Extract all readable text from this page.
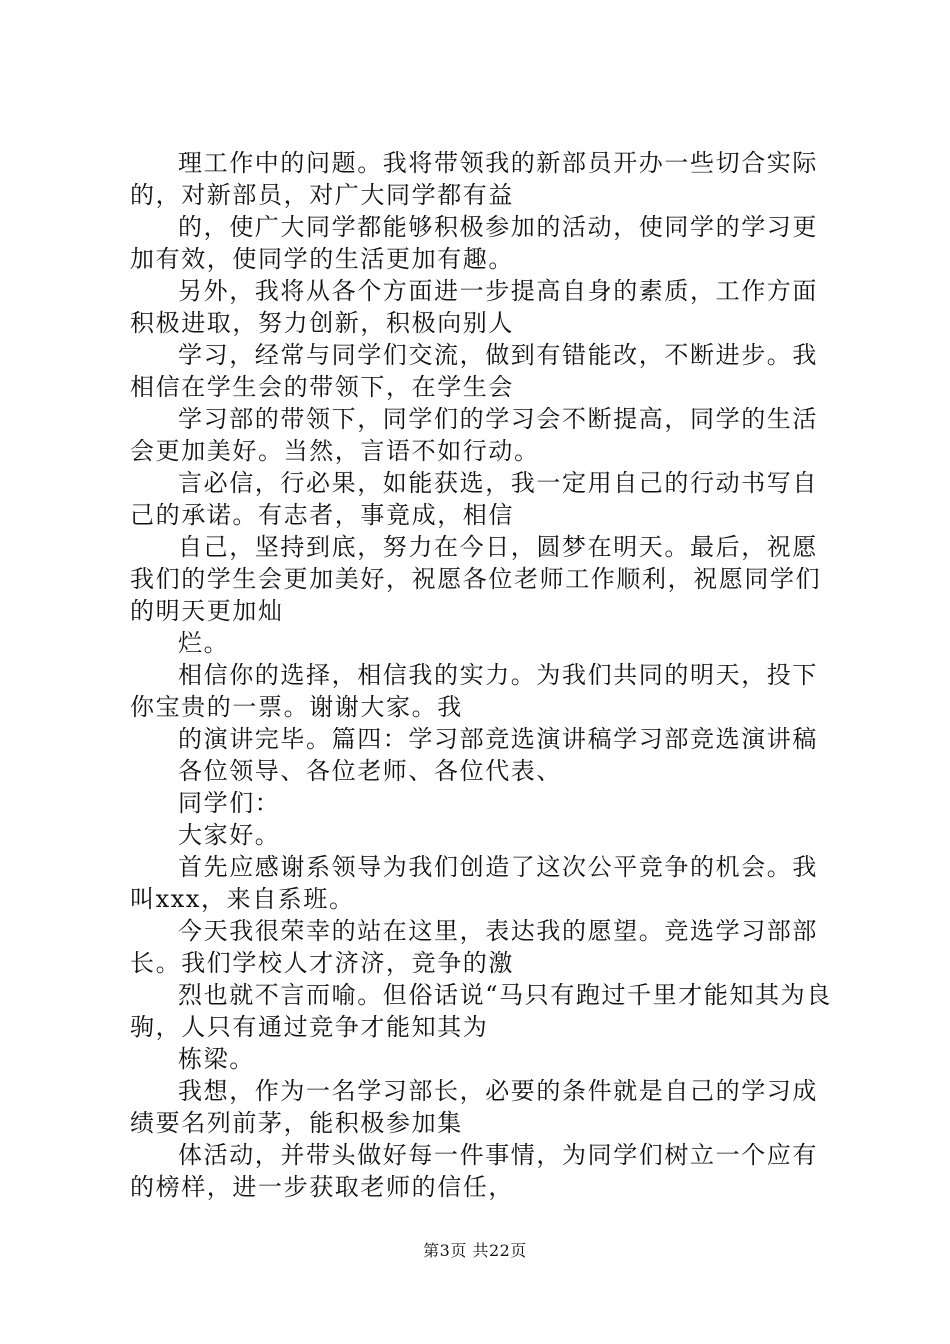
理工作中的问题。我将带领我的新部员开办一些切合实际的，对新部员，对广大同学都有益

的，使广大同学都能够积极参加的活动，使同学的学习更加有效，使同学的生活更加有趣。

另外，我将从各个方面进一步提高自身的素质，工作方面积极进取，努力创新，积极向别人

学习，经常与同学们交流，做到有错能改，不断进步。我相信在学生会的带领下，在学生会

学习部的带领下，同学们的学习会不断提高，同学的生活会更加美好。当然，言语不如行动。

言必信，行必果，如能获选，我一定用自己的行动书写自己的承诺。有志者，事竟成，相信

自己，坚持到底，努力在今日，圆梦在明天。最后，祝愿我们的学生会更加美好，祝愿各位老师工作顺利，祝愿同学们的明天更加灿

烂。

相信你的选择，相信我的实力。为我们共同的明天，投下你宝贵的一票。谢谢大家。我

的演讲完毕。篇四：学习部竞选演讲稿学习部竞选演讲稿

各位领导、各位老师、各位代表、

同学们：

大家好。

首先应感谢系领导为我们创造了这次公平竞争的机会。我叫xxx，来自系班。

今天我很荣幸的站在这里，表达我的愿望。竞选学习部部长。我们学校人才济济，竞争的激

烈也就不言而喻。但俗话说“马只有跑过千里才能知其为良驹，人只有通过竞争才能知其为

栋梁。

我想，作为一名学习部长，必要的条件就是自己的学习成绩要名列前茅，能积极参加集

体活动，并带头做好每一件事情，为同学们树立一个应有的榜样，进一步获取老师的信任，

第3页 共22页
